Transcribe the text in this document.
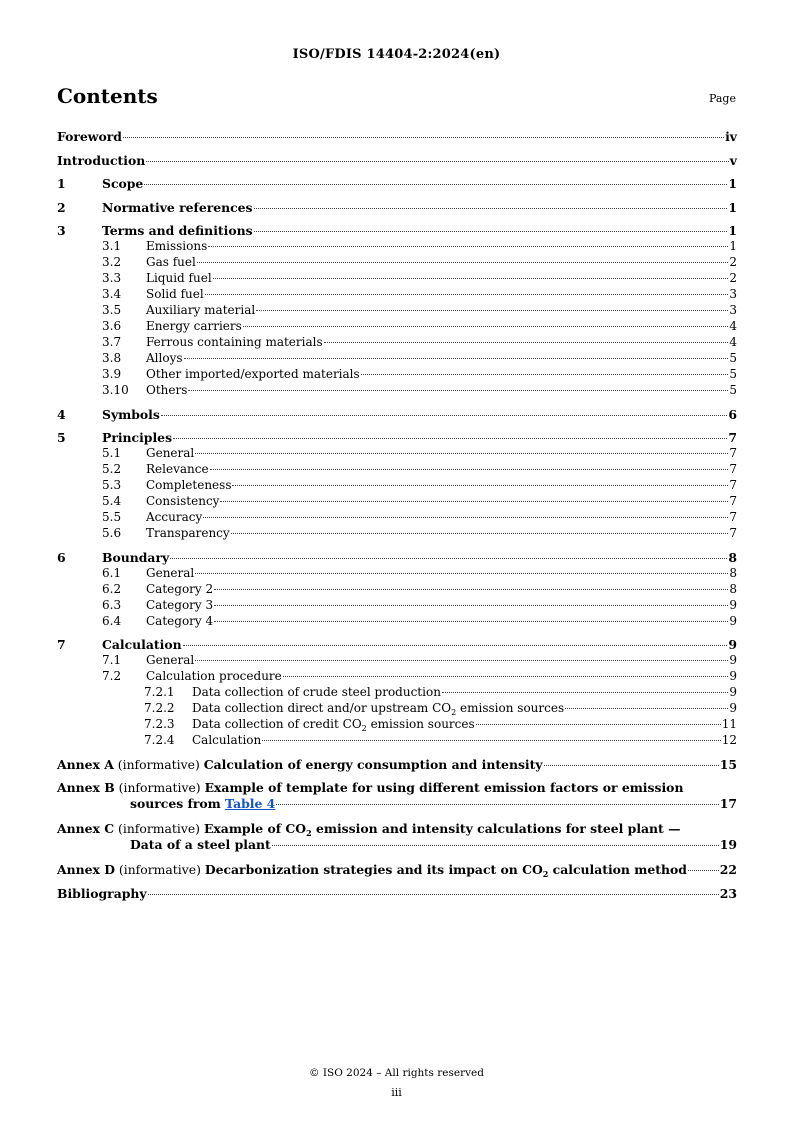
ISO/FDIS 14404-2:2024(en)
Contents	Page
Foreword	iv
Introduction	v
1	Scope	1
2	Normative references	1
3	Terms and definitions	1
3.1	Emissions	1
3.2	Gas fuel	2
3.3	Liquid fuel	2
3.4	Solid fuel	3
3.5	Auxiliary material	3
3.6	Energy carriers	4
3.7	Ferrous containing materials	4
3.8	Alloys	5
3.9	Other imported/exported materials	5
3.10	Others	5
4	Symbols	6
5	Principles	7
5.1	General	7
5.2	Relevance	7
5.3	Completeness	7
5.4	Consistency	7
5.5	Accuracy	7
5.6	Transparency	7
6	Boundary	8
6.1	General	8
6.2	Category 2	8
6.3	Category 3	9
6.4	Category 4	9
7	Calculation	9
7.1	General	9
7.2	Calculation procedure	9
7.2.1	Data collection of crude steel production	9
7.2.2	Data collection direct and/or upstream $CO_2$ emission sources	9
7.2.3	Data collection of credit $CO_2$ emission sources	11
7.2.4	Calculation	12
Annex A (informative) Calculation of energy consumption and intensity	15
Annex B (informative) Example of template for using different emission factors or emission
sources from Table 4	17
Annex C (informative) Example of $CO_2$ emission and intensity calculations for steel plant —
Data of a steel plant	19
Annex D (informative) Decarbonization strategies and its impact on $CO_2$ calculation method	22
Bibliography	23
© ISO 2024 – All rights reserved
iii
